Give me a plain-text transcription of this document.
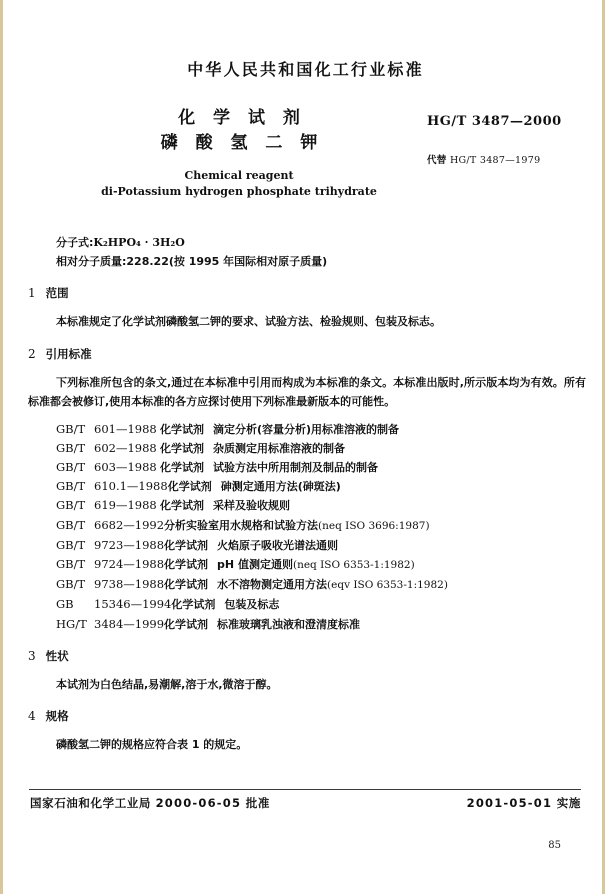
中华人民共和国化工行业标准
化 学 试 剂
磷 酸 氢 二 钾
Chemical reagent
di-Potassium hydrogen phosphate trihydrate
HG/T 3487—2000
代替 HG/T 3487—1979
分子式:K₂HPO₄ · 3H₂O
相对分子质量:228.22(按 1995 年国际相对原子质量)
1 范围
本标准规定了化学试剂磷酸氢二钾的要求、试验方法、检验规则、包装及标志。
2 引用标准
下列标准所包含的条文,通过在本标准中引用而构成为本标准的条文。本标准出版时,所示版本均为有效。所有标准都会被修订,使用本标准的各方应探讨使用下列标准最新版本的可能性。
GB/T 601—1988 化学试剂 滴定分析(容量分析)用标准溶液的制备
GB/T 602—1988 化学试剂 杂质测定用标准溶液的制备
GB/T 603—1988 化学试剂 试验方法中所用制剂及制品的制备
GB/T 610.1—1988化学试剂 砷测定通用方法(砷斑法)
GB/T 619—1988 化学试剂 采样及验收规则
GB/T 6682—1992分析实验室用水规格和试验方法(neq ISO 3696:1987)
GB/T 9723—1988化学试剂 火焰原子吸收光谱法通则
GB/T 9724—1988化学试剂 pH 值测定通则(neq ISO 6353-1:1982)
GB/T 9738—1988化学试剂 水不溶物测定通用方法(eqv ISO 6353-1:1982)
GB 15346—1994化学试剂 包装及标志
HG/T 3484—1999化学试剂 标准玻璃乳浊液和澄清度标准
3 性状
本试剂为白色结晶,易潮解,溶于水,微溶于醇。
4 规格
磷酸氢二钾的规格应符合表 1 的规定。
国家石油和化学工业局 2000-06-05 批准	2001-05-01 实施
85
